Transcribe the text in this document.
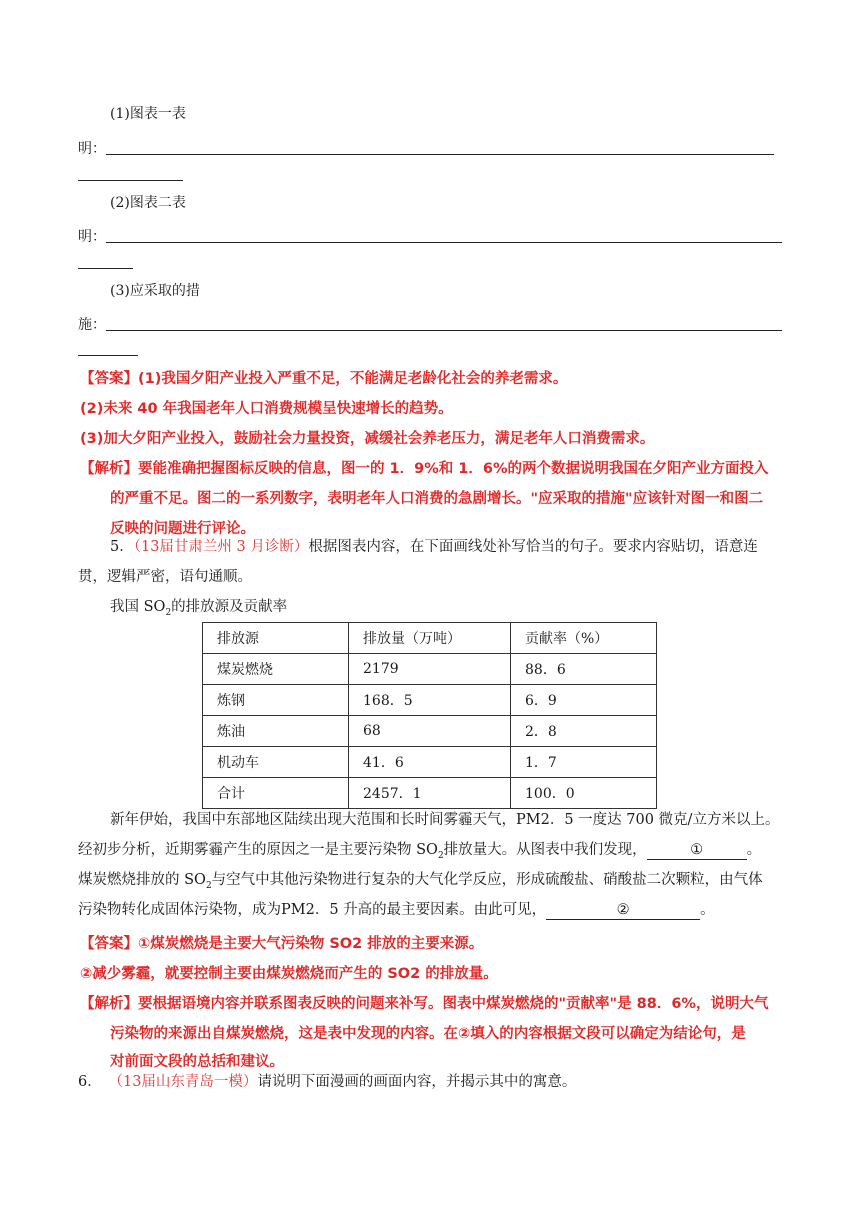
(1)图表一表
明：
(2)图表二表
明：
(3)应采取的措
施：
【答案】(1)我国夕阳产业投入严重不足，不能满足老龄化社会的养老需求。
(2)未来 40 年我国老年人口消费规模呈快速增长的趋势。
(3)加大夕阳产业投入，鼓励社会力量投资，减缓社会养老压力，满足老年人口消费需求。
【解析】要能准确把握图标反映的信息，图一的 1．9%和 1．6%的两个数据说明我国在夕阳产业方面投入
的严重不足。图二的一系列数字，表明老年人口消费的急剧增长。"应采取的措施"应该针对图一和图二
反映的问题进行评论。
5．（13届甘肃兰州 3 月诊断）根据图表内容，在下面画线处补写恰当的句子。要求内容贴切，语意连
贯，逻辑严密，语句通顺。
我国 $SO_2$的排放源及贡献率
排放源	排放量（万吨）	贡献率（%）
煤炭燃烧	2179	88．6
炼钢	168．5	6．9
炼油	68	2．8
机动车	41．6	1．7
合计	2457．1	100．0
新年伊始，我国中东部地区陆续出现大范围和长时间雾霾天气，PM2．5 一度达 700 微克/立方米以上。
经初步分析，近期雾霾产生的原因之一是主要污染物 $SO_2$排放量大。从图表中我们发现，	①	。
煤炭燃烧排放的 $SO_2$与空气中其他污染物进行复杂的大气化学反应，形成硫酸盐、硝酸盐二次颗粒，由气体
污染物转化成固体污染物，成为PM2．5 升高的最主要因素。由此可见，	②	。
【答案】①煤炭燃烧是主要大气污染物 SO2 排放的主要来源。
②减少雾霾，就要控制主要由煤炭燃烧而产生的 SO2 的排放量。
【解析】要根据语境内容并联系图表反映的问题来补写。图表中煤炭燃烧的"贡献率"是 88．6%，说明大气
污染物的来源出自煤炭燃烧，这是表中发现的内容。在②填入的内容根据文段可以确定为结论句，是
对前面文段的总括和建议。
6． （13届山东青岛一模）请说明下面漫画的画面内容，并揭示其中的寓意。
